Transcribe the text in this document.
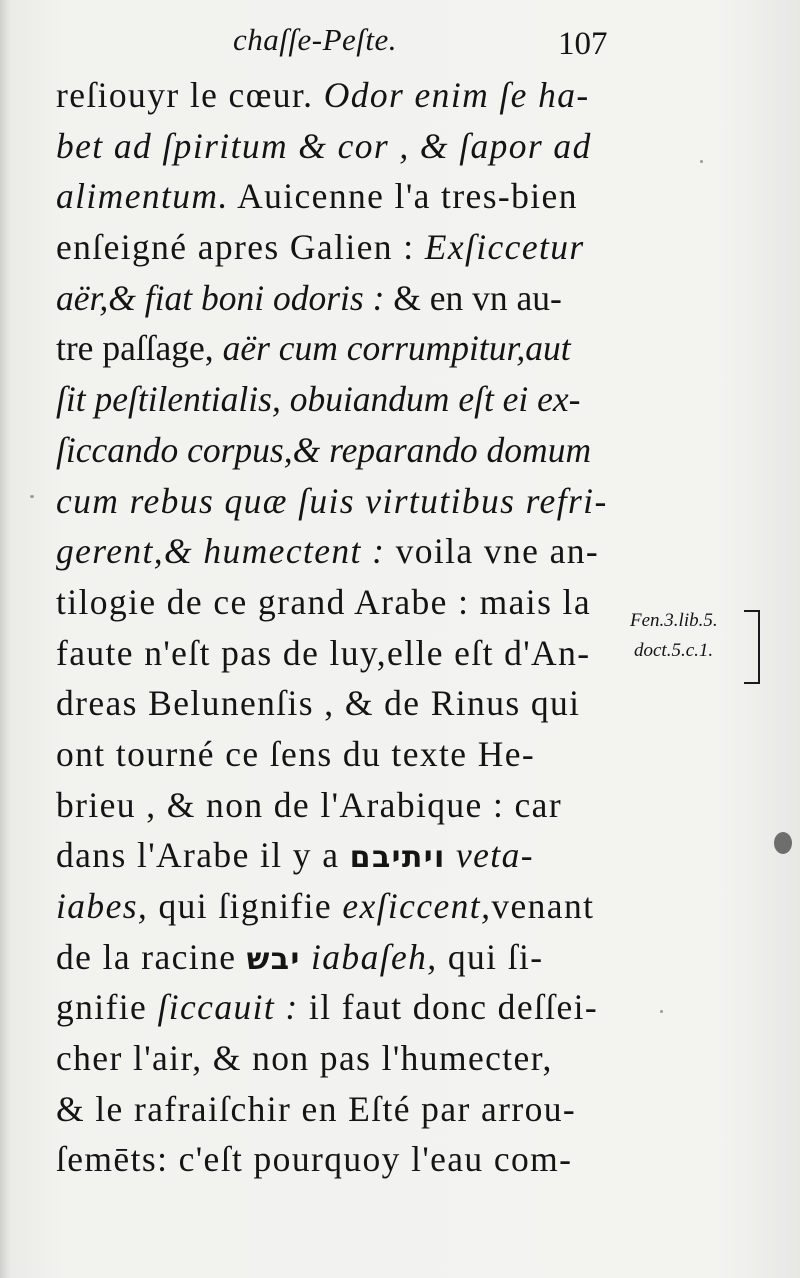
chaſſe-Peſte.	107
reſiouyr le cœur. Odor enim ſe ha-
bet ad ſpiritum & cor , & ſapor ad
alimentum. Auicenne l'a tres-bien
enſeigné apres Galien : Exſiccetur
aër,& fiat boni odoris : & en vn au-
tre paſſage, aër cum corrumpitur,aut
ſit peſtilentialis, obuiandum eſt ei ex-
ſiccando corpus,& reparando domum
cum rebus quæ ſuis virtutibus refri-
gerent,& humectent : voila vne an-
tilogie de ce grand Arabe : mais la
faute n'eſt pas de luy,elle eſt d'An-
dreas Belunenſis , & de Rinus qui
ont tourné ce ſens du texte He-
brieu , & non de l'Arabique : car
dans l'Arabe il y a ויתיבם veta-
iabes, qui ſignifie exſiccent,venant
de la racine יבש iabaſeh, qui ſi-
gnifie ſiccauit : il faut donc deſſei-
cher l'air, & non pas l'humecter,
& le rafraiſchir en Eſté par arrou-
ſemēts: c'eſt pourquoy l'eau com-
Fen.3.lib.5.
doct.5.c.1.
